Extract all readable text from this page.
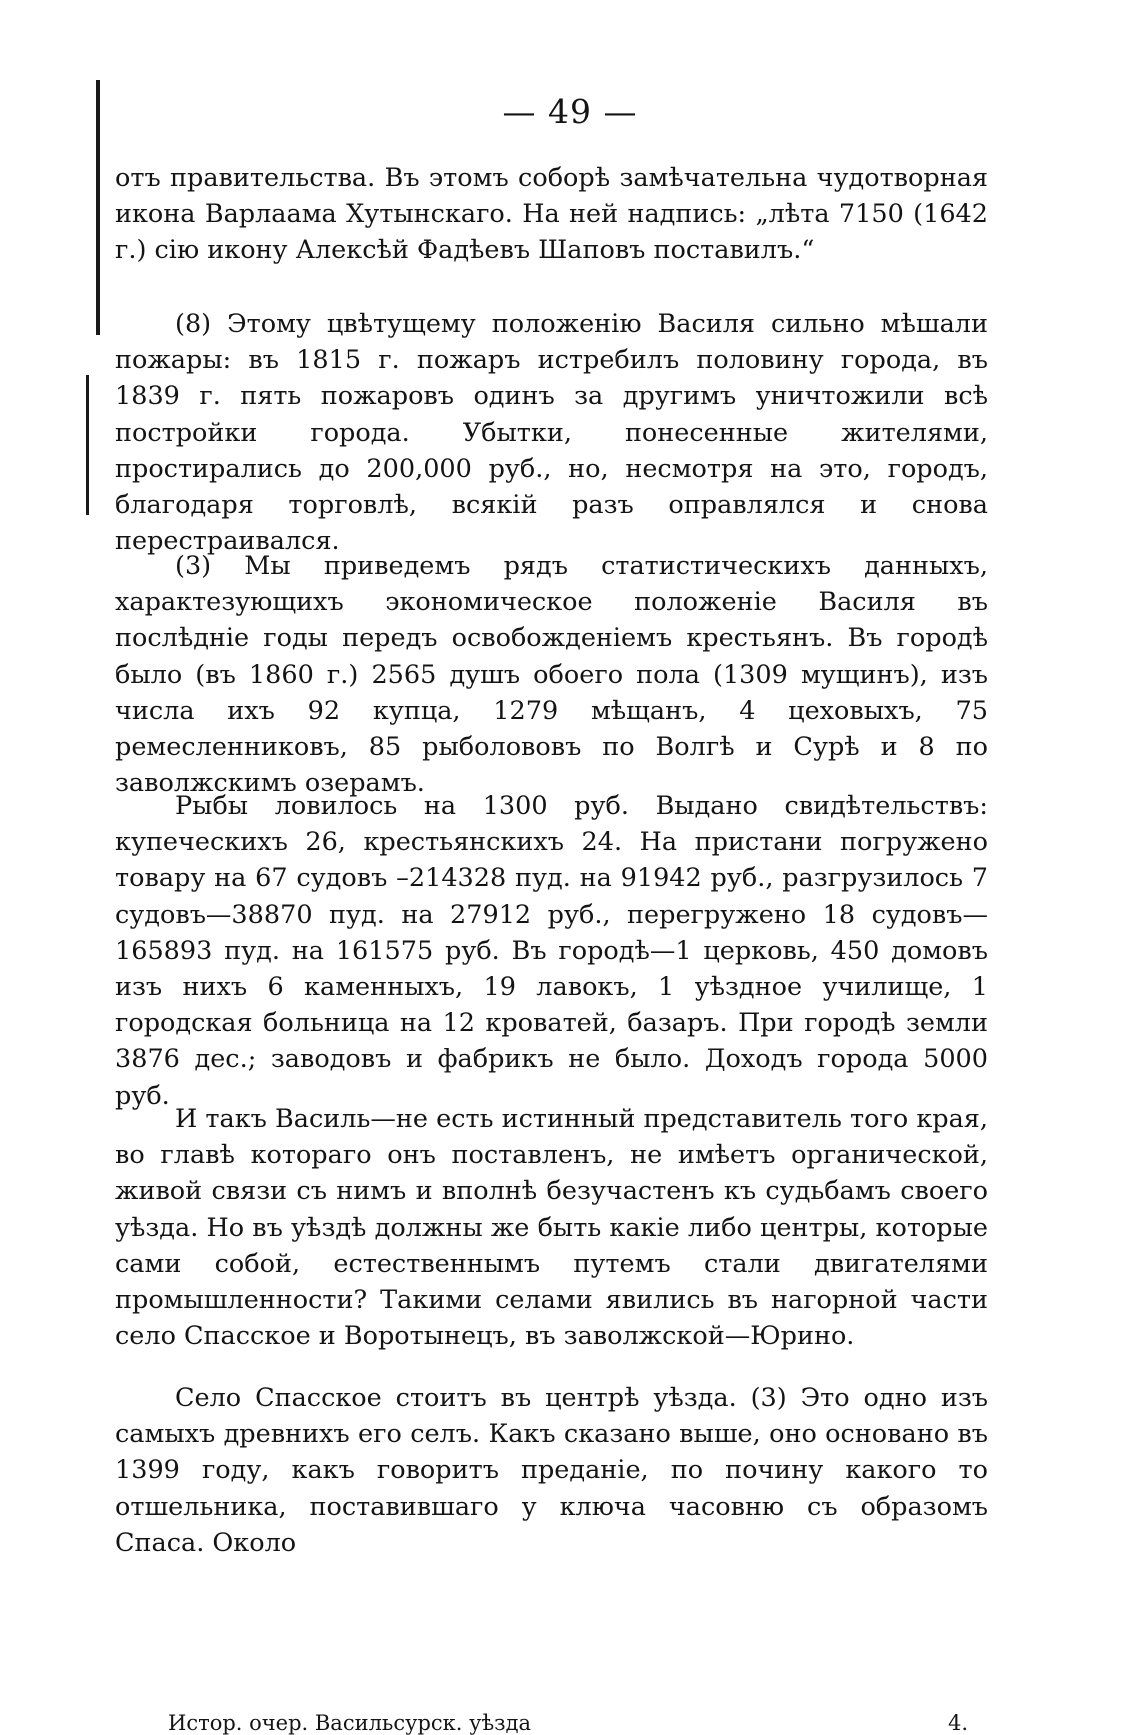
— 49 —

отъ правительства. Въ этомъ соборѣ замѣчательна чудотворная икона Варлаама Хутынскаго. На ней надпись: „лѣта 7150 (1642 г.) сію икону Алексѣй Фадѣевъ Шаповъ поставилъ.“

(8) Этому цвѣтущему положенію Василя сильно мѣшали пожары: въ 1815 г. пожаръ истребилъ половину города, въ 1839 г. пять пожаровъ одинъ за другимъ уничтожили всѣ постройки города. Убытки, понесенные жителями, простирались до 200,000 руб., но, несмотря на это, городъ, благодаря торговлѣ, всякій разъ оправлялся и снова перестраивался.

(3) Мы приведемъ рядъ статистическихъ данныхъ, характезующихъ экономическое положеніе Василя въ послѣдніе годы передъ освобожденіемъ крестьянъ. Въ городѣ было (въ 1860 г.) 2565 душъ обоего пола (1309 мущинъ), изъ числа ихъ 92 купца, 1279 мѣщанъ, 4 цеховыхъ, 75 ремесленниковъ, 85 рыболововъ по Волгѣ и Сурѣ и 8 по заволжскимъ озерамъ.

Рыбы ловилось на 1300 руб. Выдано свидѣтельствъ: купеческихъ 26, крестьянскихъ 24. На пристани погружено товару на 67 судовъ –214328 пуд. на 91942 руб., разгрузилось 7 судовъ—38870 пуд. на 27912 руб., перегружено 18 судовъ—165893 пуд. на 161575 руб. Въ городѣ—1 церковь, 450 домовъ изъ нихъ 6 каменныхъ, 19 лавокъ, 1 уѣздное училище, 1 городская больница на 12 кроватей, базаръ. При городѣ земли 3876 дес.; заводовъ и фабрикъ не было. Доходъ города 5000 руб.

И такъ Василь—не есть истинный представитель того края, во главѣ котораго онъ поставленъ, не имѣетъ органической, живой связи съ нимъ и вполнѣ безучастенъ къ судьбамъ своего уѣзда. Но въ уѣздѣ должны же быть какіе либо центры, которые сами собой, естественнымъ путемъ стали двигателями промышленности? Такими селами явились въ нагорной части село Спасское и Воротынецъ, въ заволжской—Юрино.

Село Спасское стоитъ въ центрѣ уѣзда. (3) Это одно изъ самыхъ древнихъ его селъ. Какъ сказано выше, оно основано въ 1399 году, какъ говоритъ преданіе, по почину какого то отшельника, поставившаго у ключа часовню съ образомъ Спаса. Около

Истор. очер. Васильсурск. уѣзда	4.
